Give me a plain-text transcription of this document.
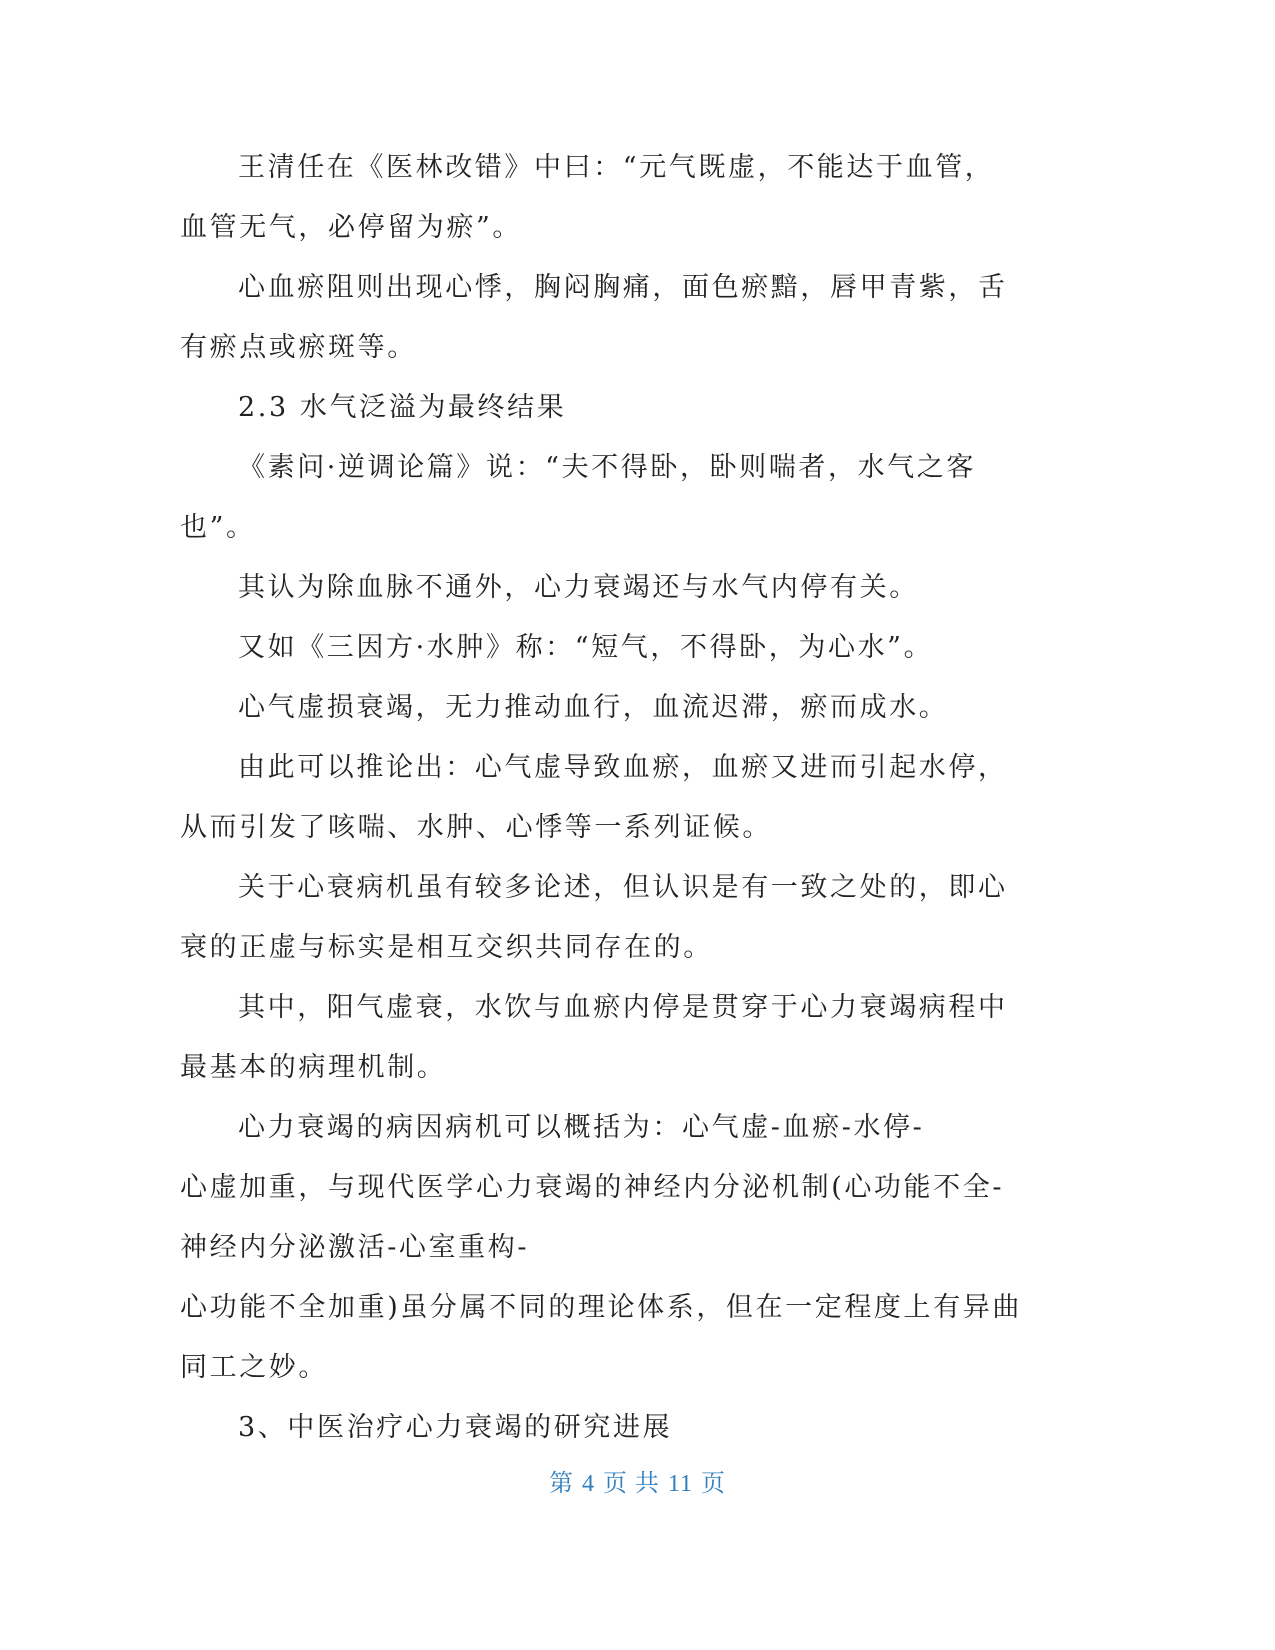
王清任在《医林改错》中曰：“元气既虚，不能达于血管，
血管无气，必停留为瘀”。
心血瘀阻则出现心悸，胸闷胸痛，面色瘀黯，唇甲青紫，舌
有瘀点或瘀斑等。
2.3 水气泛溢为最终结果
《素问·逆调论篇》说：“夫不得卧，卧则喘者，水气之客
也”。
其认为除血脉不通外，心力衰竭还与水气内停有关。
又如《三因方·水肿》称：“短气，不得卧，为心水”。
心气虚损衰竭，无力推动血行，血流迟滞，瘀而成水。
由此可以推论出：心气虚导致血瘀，血瘀又进而引起水停，
从而引发了咳喘、水肿、心悸等一系列证候。
关于心衰病机虽有较多论述，但认识是有一致之处的，即心
衰的正虚与标实是相互交织共同存在的。
其中，阳气虚衰，水饮与血瘀内停是贯穿于心力衰竭病程中
最基本的病理机制。
心力衰竭的病因病机可以概括为：心气虚-血瘀-水停-
心虚加重，与现代医学心力衰竭的神经内分泌机制(心功能不全-
神经内分泌激活-心室重构-
心功能不全加重)虽分属不同的理论体系，但在一定程度上有异曲
同工之妙。
3、中医治疗心力衰竭的研究进展
第 4 页 共 11 页
